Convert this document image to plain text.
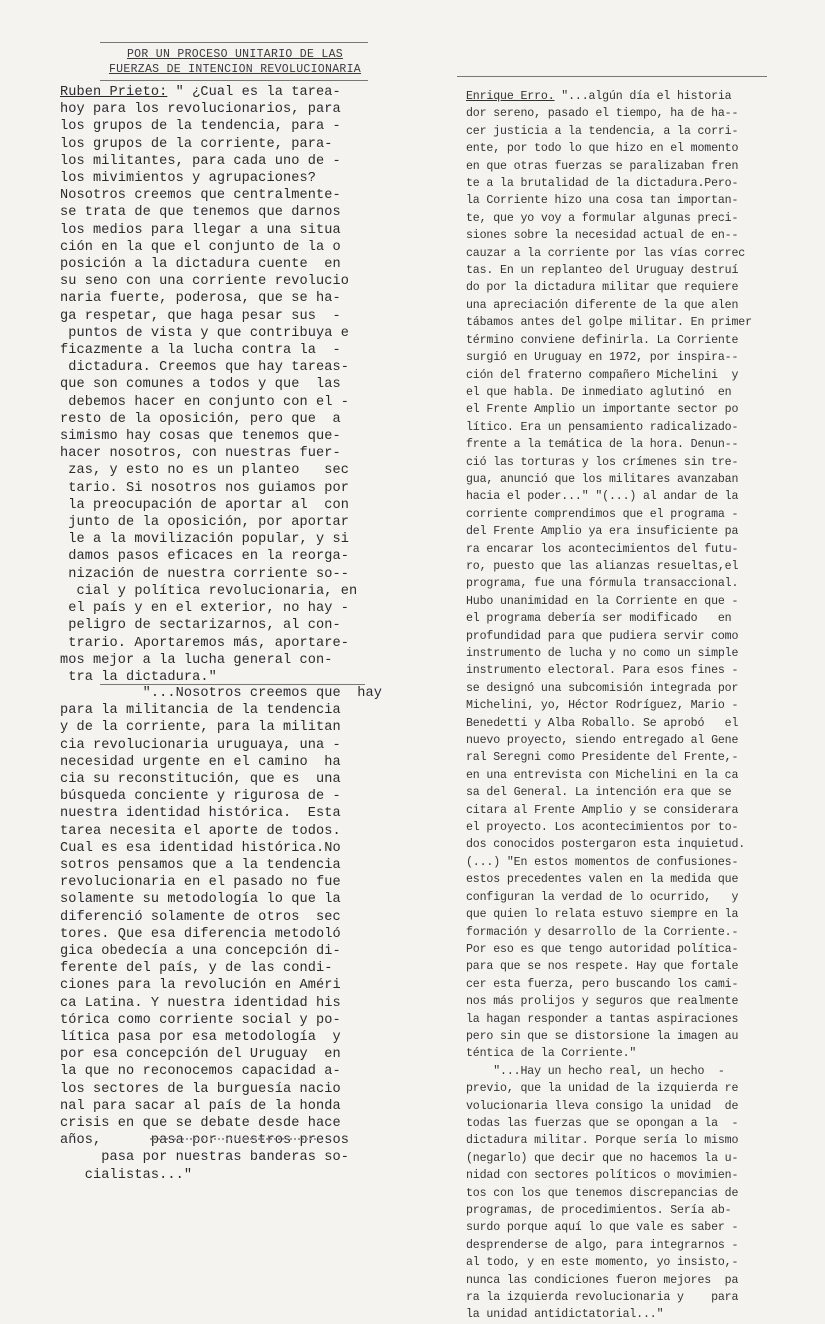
POR UN PROCESO UNITARIO DE LAS
FUERZAS DE INTENCION REVOLUCIONARIA
Ruben Prieto: " ¿Cual es la tarea-
hoy para los revolucionarios, para
los grupos de la tendencia, para -
los grupos de la corriente, para-
los militantes, para cada uno de -
los mivimientos y agrupaciones?
Nosotros creemos que centralmente-
se trata de que tenemos que darnos
los medios para llegar a una situa
ción en la que el conjunto de la o
posición a la dictadura cuente  en
su seno con una corriente revolucio
naria fuerte, poderosa, que se ha-
ga respetar, que haga pesar sus  -
puntos de vista y que contribuya e
ficazmente a la lucha contra la  -
dictadura. Creemos que hay tareas-
que son comunes a todos y que  las
debemos hacer en conjunto con el -
resto de la oposición, pero que  a
simismo hay cosas que tenemos que-
hacer nosotros, con nuestras fuer-
zas, y esto no es un planteo   sec
tario. Si nosotros nos guiamos por
la preocupación de aportar al  con
junto de la oposición, por aportar
le a la movilización popular, y si
damos pasos eficaces en la reorga-
nización de nuestra corriente so--
cial y política revolucionaria, en
el país y en el exterior, no hay -
peligro de sectarizarnos, al con-
trario. Aportaremos más, aportare-
mos mejor a la lucha general con-
tra la dictadura."
"...Nosotros creemos que  hay
para la militancia de la tendencia
y de la corriente, para la militan
cia revolucionaria uruguaya, una -
necesidad urgente en el camino  ha
cia su reconstitución, que es  una
búsqueda conciente y rigurosa de -
nuestra identidad histórica.  Esta
tarea necesita el aporte de todos.
Cual es esa identidad histórica.No
sotros pensamos que a la tendencia
revolucionaria en el pasado no fue
solamente su metodología lo que la
diferenció solamente de otros  sec
tores. Que esa diferencia metodoló
gica obedecía a una concepción di-
ferente del país, y de las condi-
ciones para la revolución en Améri
ca Latina. Y nuestra identidad his
tórica como corriente social y po-
lítica pasa por esa metodología  y
por esa concepción del Uruguay  en
la que no reconocemos capacidad a-
los sectores de la burguesía nacio
nal para sacar al país de la honda
crisis en que se debate desde hace
años,      pasa por nuestros presos
pasa por nuestras banderas so-
cialistas..."
Enrique Erro. "...algún día el historia
dor sereno, pasado el tiempo, ha de ha--
cer justicia a la tendencia, a la corri-
ente, por todo lo que hizo en el momento
en que otras fuerzas se paralizaban fren
te a la brutalidad de la dictadura.Pero-
la Corriente hizo una cosa tan importan-
te, que yo voy a formular algunas preci-
siones sobre la necesidad actual de en--
cauzar a la corriente por las vías correc
tas. En un replanteo del Uruguay destruí
do por la dictadura militar que requiere
una apreciación diferente de la que alen
tábamos antes del golpe militar. En primer
término conviene definirla. La Corriente
surgió en Uruguay en 1972, por inspira--
ción del fraterno compañero Michelini  y
el que habla. De inmediato aglutinó  en
el Frente Amplio un importante sector po
lítico. Era un pensamiento radicalizado-
frente a la temática de la hora. Denun--
ció las torturas y los crímenes sin tre-
gua, anunció que los militares avanzaban
hacia el poder..." "(...) al andar de la
corriente comprendimos que el programa -
del Frente Amplio ya era insuficiente pa
ra encarar los acontecimientos del futu-
ro, puesto que las alianzas resueltas,el
programa, fue una fórmula transaccional.
Hubo unanimidad en la Corriente en que -
el programa debería ser modificado   en
profundidad para que pudiera servir como
instrumento de lucha y no como un simple
instrumento electoral. Para esos fines -
se designó una subcomisión integrada por
Michelini, yo, Héctor Rodríguez, Mario -
Benedetti y Alba Roballo. Se aprobó   el
nuevo proyecto, siendo entregado al Gene
ral Seregni como Presidente del Frente,-
en una entrevista con Michelini en la ca
sa del General. La intención era que se
citara al Frente Amplio y se considerara
el proyecto. Los acontecimientos por to-
dos conocidos postergaron esta inquietud.
(...) "En estos momentos de confusiones-
estos precedentes valen en la medida que
configuran la verdad de lo ocurrido,   y
que quien lo relata estuvo siempre en la
formación y desarrollo de la Corriente.-
Por eso es que tengo autoridad política-
para que se nos respete. Hay que fortale
cer esta fuerza, pero buscando los cami-
nos más prolijos y seguros que realmente
la hagan responder a tantas aspiraciones
pero sin que se distorsione la imagen au
téntica de la Corriente."
"...Hay un hecho real, un hecho  -
previo, que la unidad de la izquierda re
volucionaria lleva consigo la unidad  de
todas las fuerzas que se opongan a la  -
dictadura militar. Porque sería lo mismo
(negarlo) que decir que no hacemos la u-
nidad con sectores políticos o movimien-
tos con los que tenemos discrepancias de
programas, de procedimientos. Sería ab-
surdo porque aquí lo que vale es saber -
desprenderse de algo, para integrarnos -
al todo, y en este momento, yo insisto,-
nunca las condiciones fueron mejores  pa
ra la izquierda revolucionaria y    para
la unidad antidictatorial..."
